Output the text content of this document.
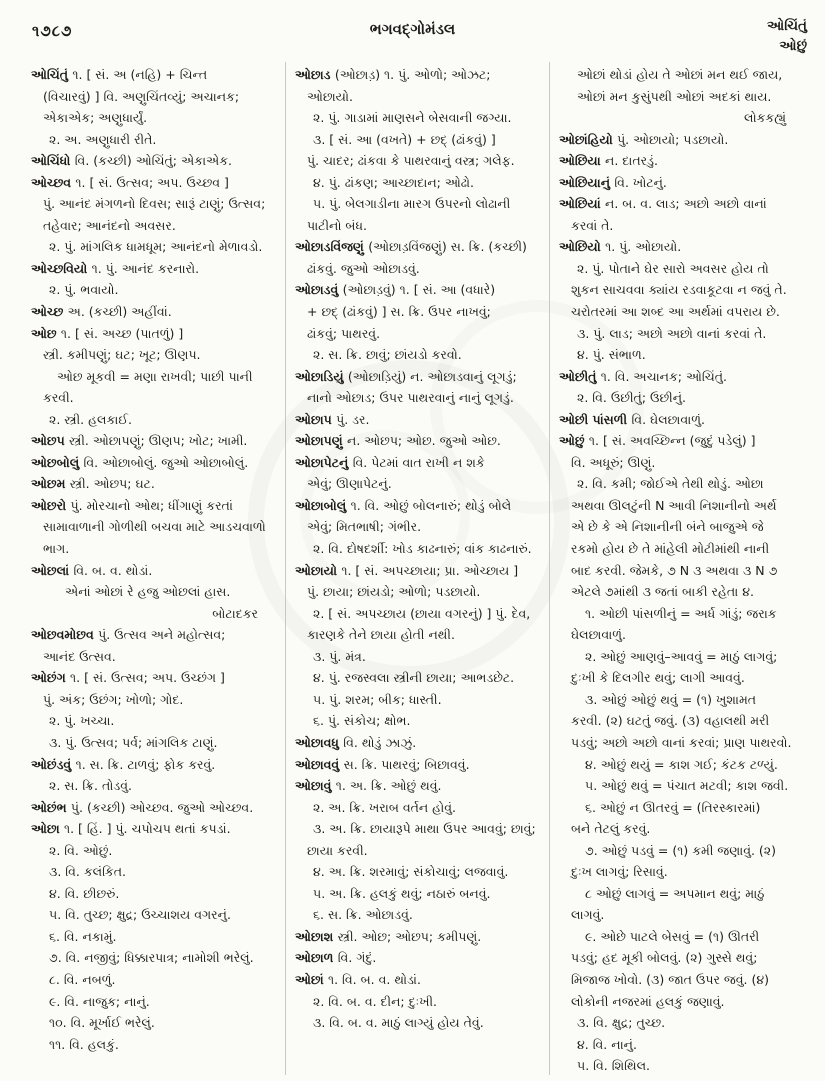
૧૭૮૭	ભગવદ્ગોમંડલ	ઓચિંતું
ઓછું
ઓચિંતું ૧. [ સં. અ (નહિ) + ચિન્ત
(વિચારવું) ] વિ. અણુચિંતવ્યું; અચાનક;
એકાએક; અણુધાર્યું.
૨. અ. અણુધારી રીતે.
ઓચિંધો વિ. (કચ્છી) ઓચિંતું; એકાએક.
ઓચ્છવ ૧. [ સં. ઉત્સવ; અપ. ઉચ્છવ ]
પું. આનંદ મંગળનો દિવસ; સારૂં ટાણું; ઉત્સવ;
તહેવાર; આનંદનો અવસર.
૨. પું. માંગલિક ધામધૂમ; આનંદનો મેળાવડો.
ઓચ્છવિયો ૧. પું. આનંદ કરનારો.
૨. પું. ભવાયો.
ઓચ્છ અ. (કચ્છી) અહીંવાં.
ઓછ ૧. [ સં. અચ્છ (પાતળું) ]
સ્ત્રી. કમીપણું; ઘટ; ખૂટ; ઊણપ.
ઓછ મૂકવી = મણા રાખવી; પાછી પાની
કરવી.
૨. સ્ત્રી. હલકાઈ.
ઓછપ સ્ત્રી. ઓછાપણું; ઊણપ; ખોટ; ખામી.
ઓછબોલું વિ. ઓછાબોલું. જુઓ ઓછાબોલું.
ઓછમ સ્ત્રી. ઓછપ; ઘટ.
ઓછરો પું. મોરચાનો ઓથ; ધીંગાણું કરતાં
સામાવાળાની ગોળીથી બચવા માટે આડચવાળો
ભાગ.
ઓછલાં વિ. બ. વ. થોડાં.
એનાં ઓછાં રે હજુ ઓછલાં હાસ.
બોટાદકર
ઓછવમોછવ પું. ઉત્સવ અને મહોત્સવ;
આનંદ ઉત્સવ.
ઓછંગ ૧. [ સં. ઉત્સવ; અપ. ઉચ્છંગ ]
પું. અંક; ઉછંગ; ખોળો; ગોદ.
૨. પું. ખચ્ચા.
૩. પું. ઉત્સવ; પર્વ; માંગલિક ટાણું.
ઓછંડવું ૧. સ. ક્રિ. ટાળવું; ફોક કરવું.
૨. સ. ક્રિ. તોડવું.
ઓછંભ પું. (કચ્છી) ઓચ્છવ. જુઓ ઓચ્છવ.
ઓછા ૧. [ હિં. ] પું. ચપોચપ થતાં કપડાં.
૨. વિ. ઓછું.
૩. વિ. કલંકિત.
૪. વિ. છીછરું.
૫. વિ. તુચ્છ; ક્ષુદ્ર; ઉચ્ચાશય વગરનું.
૬. વિ. નકામું.
૭. વિ. નજીવું; ધિક્કારપાત્ર; નામોશી ભરેલું.
૮. વિ. નબળું.
૯. વિ. નાજુક; નાનું.
૧૦. વિ. મૂર્ખાઈ ભરેલું.
૧૧. વિ. હલકું.
ઓછાડ (ઓછાડ઼) ૧. પું. ઓળો; ઓઝટ;
ઓછાયો.
૨. પું. ગાડામાં માણસને બેસવાની જગ્યા.
૩. [ સં. આ (વખતે) + છદ્ (ઢાંકવું) ]
પું. ચાદર; ઢાંકવા કે પાથરવાનું વસ્ત્ર; ગલેફ.
૪. પું. ઢાંકણ; આચ્છાદાન; ઓઢો.
૫. પું. બેલગાડીના મારગ ઉપરનો લોઢાની
પાટીનો બંધ.
ઓછાડવિંજણું (ઓછાડ઼વિંજણું) સ. ક્રિ. (કચ્છી)
ઢાંકવું. જુઓ ઓછાડવું.
ઓછાડવું (ઓછાડ઼વું) ૧. [ સં. આ (વધારે)
+ છદ્ (ઢાંકવું) ] સ. ક્રિ. ઉપર નાખવું;
ઢાંકવું; પાથરવું.
૨. સ. ક્રિ. છાવું; છાંયડો કરવો.
ઓછાડિયું (ઓછાડ઼િયું) ન. ઓછાડવાનું લૂગડું;
નાનો ઓછાડ; ઉપર પાથરવાનું નાનું લૂગડું.
ઓછાપ પું. ડર.
ઓછાપણું ન. ઓછપ; ઓછ. જુઓ ઓછ.
ઓછાપેટનું વિ. પેટમાં વાત રાખી ન શકે
એવું; ઊણાપેટનું.
ઓછાબોલું ૧. વિ. ઓછું બોલનારું; થોડું બોલે
એવું; મિતભાષી; ગંભીર.
૨. વિ. દોષદર્શી: ખોડ કાઢનારું; વાંક કાઢનારું.
ઓછાયો ૧. [ સં. અપચ્છાયા; પ્રા. ઓચ્છાય ]
પું. છાયા; છાંયડો; ઓળો; પડછાયો.
૨. [ સં. અપચ્છાય (છાયા વગરનું) ] પું. દેવ,
કારણકે તેને છાયા હોતી નથી.
૩. પું. મંત્ર.
૪. પું. રજસ્વલા સ્ત્રીની છાયા; આભડછેટ.
૫. પું. શરમ; બીક; ધાસ્તી.
૬. પું. સંકોચ; ક્ષોભ.
ઓછાવધુ વિ. થોડું ઝાઝું.
ઓછાવવું સ. ક્રિ. પાથરવું; બિછાવવું.
ઓછાવું ૧. અ. ક્રિ. ઓછું થવું.
૨. અ. ક્રિ. ખરાબ વર્તન હોવું.
૩. અ. ક્રિ. છાયારૂપે માથા ઉપર આવવું; છાવું;
છાયા કરવી.
૪. અ. ક્રિ. શરમાવું; સંકોચાવું; લજવાવું.
૫. અ. ક્રિ. હલકું થવું; નઠારું બનવું.
૬. સ. ક્રિ. ઓછાડવું.
ઓછાશ સ્ત્રી. ઓછ; ઓછપ; કમીપણું.
ઓછાળ વિ. ગંદું.
ઓછાં ૧. વિ. બ. વ. થોડાં.
૨. વિ. બ. વ. દીન; દુઃખી.
૩. વિ. બ. વ. માઠું લાગ્યું હોય તેવું.
ઓછાં થોડાં હોય તે ઓછાં મન થઈ જાય,
ઓછાં મન કુસુંપથી ઓછાં અદકાં થાય.
લોકકહ્યું
ઓછાંહિયો પું. ઓછાયો; પડછાયો.
ઓછિયા ન. દાતરડું.
ઓછિયાનું વિ. ખોટનું.
ઓછિયાં ન. બ. વ. લાડ; અછો અછો વાનાં
કરવાં તે.
ઓછિયો ૧. પું. ઓછાયો.
૨. પું. પોતાને ઘેર સારો અવસર હોય તો
શુકન સાચવવા ક્યાંય રડવાકૂટવા ન જવું તે.
ચરોતરમાં આ શબ્દ આ અર્થમાં વપરાય છે.
૩. પું. લાડ; અછો અછો વાનાં કરવાં તે.
૪. પું. સંભાળ.
ઓછીતું ૧. વિ. અચાનક; ઓચિંતું.
૨. વિ. ઉછીતું; ઉછીનું.
ઓછી પાંસળી વિ. ઘેલછાવાળું.
ઓછું ૧. [ સં. અવચ્છિન્ન (જુદું પડેલું) ]
વિ. અધૂરું; ઊણું.
૨. વિ. કમી; જોઈએ તેથી થોડું. ઓછા
અથવા ઊલટુંની N આવી નિશાનીનો અર્થ
એ છે કે એ નિશાનીની બંને બાજુએ જે
રકમો હોય છે તે માંહેલી મોટીમાંથી નાની
બાદ કરવી. જેમકે, ૭ N ૩ અથવા ૩ N ૭
એટલે ૭માંથી ૩ જતાં બાકી રહેતા ૪.
૧. ઓછી પાંસળીનું = અર્ધ ગાંડું; જરાક
ઘેલછાવાળું.
૨. ઓછું આણવું–આવવું = માઠું લાગવું;
દુઃખી કે દિલગીર થવું; લાગી આવવું.
૩. ઓછું ઓછું થવું = (૧) ખુશામત
કરવી. (૨) ઘટતું જવું. (૩) વહાલથી મરી
પડવું; અછો અછો વાનાં કરવાં; પ્રાણ પાથરવો.
૪. ઓછું થયું = કાશ ગઈ; કંટક ટળ્યું.
૫. ઓછું થવું = પંચાત મટવી; કાશ જવી.
૬. ઓછું ન ઊતરવું = (તિરસ્કારમાં)
બને તેટલું કરવું.
૭. ઓછું પડવું = (૧) કમી જણાવું. (૨)
દુઃખ લાગવું; રિસાવું.
૮ ઓછું લાગવું = અપમાન થવું; માઠું
લાગવું.
૯. ઓછે પાટલે બેસવું = (૧) ઊતરી
પડવું; હદ મૂકી બોલવું. (૨) ગુસ્સે થવું;
મિજાજ ખોવો. (૩) જાત ઉપર જવું. (૪)
લોકોની નજરમાં હલકું જણાવું.
૩. વિ. ક્ષુદ્ર; તુચ્છ.
૪. વિ. નાનું.
૫. વિ. શિથિલ.
